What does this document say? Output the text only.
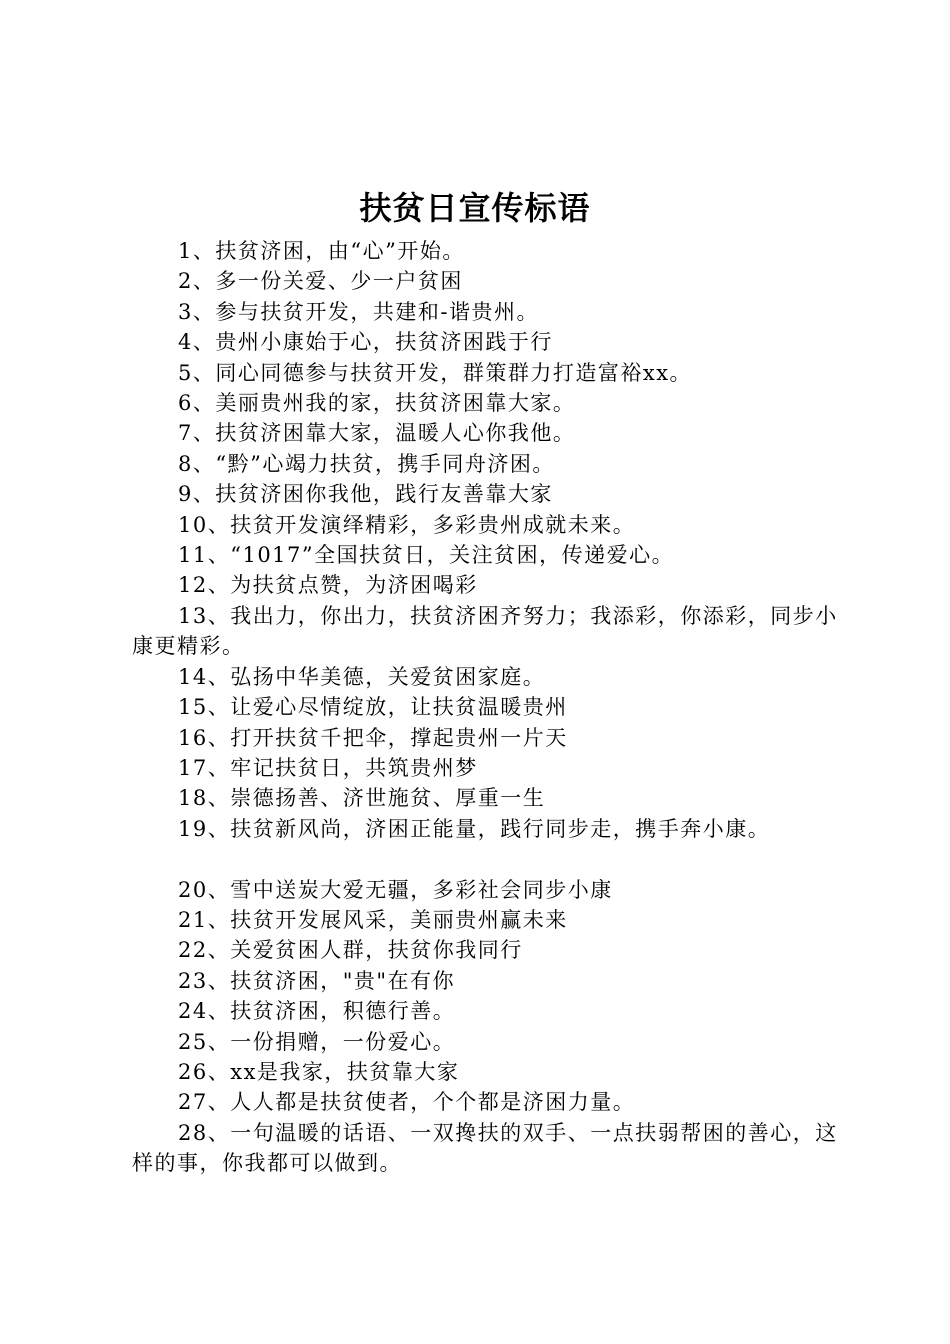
扶贫日宣传标语
1、扶贫济困，由“心”开始。
2、多一份关爱、少一户贫困
3、参与扶贫开发，共建和-谐贵州。
4、贵州小康始于心，扶贫济困践于行
5、同心同德参与扶贫开发，群策群力打造富裕xx。
6、美丽贵州我的家，扶贫济困靠大家。
7、扶贫济困靠大家，温暖人心你我他。
8、“黔”心竭力扶贫，携手同舟济困。
9、扶贫济困你我他，践行友善靠大家
10、扶贫开发演绎精彩，多彩贵州成就未来。
11、“1017”全国扶贫日，关注贫困，传递爱心。
12、为扶贫点赞，为济困喝彩
13、我出力，你出力，扶贫济困齐努力；我添彩，你添彩，同步小康更精彩。
14、弘扬中华美德，关爱贫困家庭。
15、让爱心尽情绽放，让扶贫温暖贵州
16、打开扶贫千把伞，撑起贵州一片天
17、牢记扶贫日，共筑贵州梦
18、崇德扬善、济世施贫、厚重一生
19、扶贫新风尚，济困正能量，践行同步走，携手奔小康。
20、雪中送炭大爱无疆，多彩社会同步小康
21、扶贫开发展风采，美丽贵州赢未来
22、关爱贫困人群，扶贫你我同行
23、扶贫济困，"贵"在有你
24、扶贫济困，积德行善。
25、一份捐赠，一份爱心。
26、xx是我家，扶贫靠大家
27、人人都是扶贫使者，个个都是济困力量。
28、一句温暖的话语、一双搀扶的双手、一点扶弱帮困的善心，这样的事，你我都可以做到。
